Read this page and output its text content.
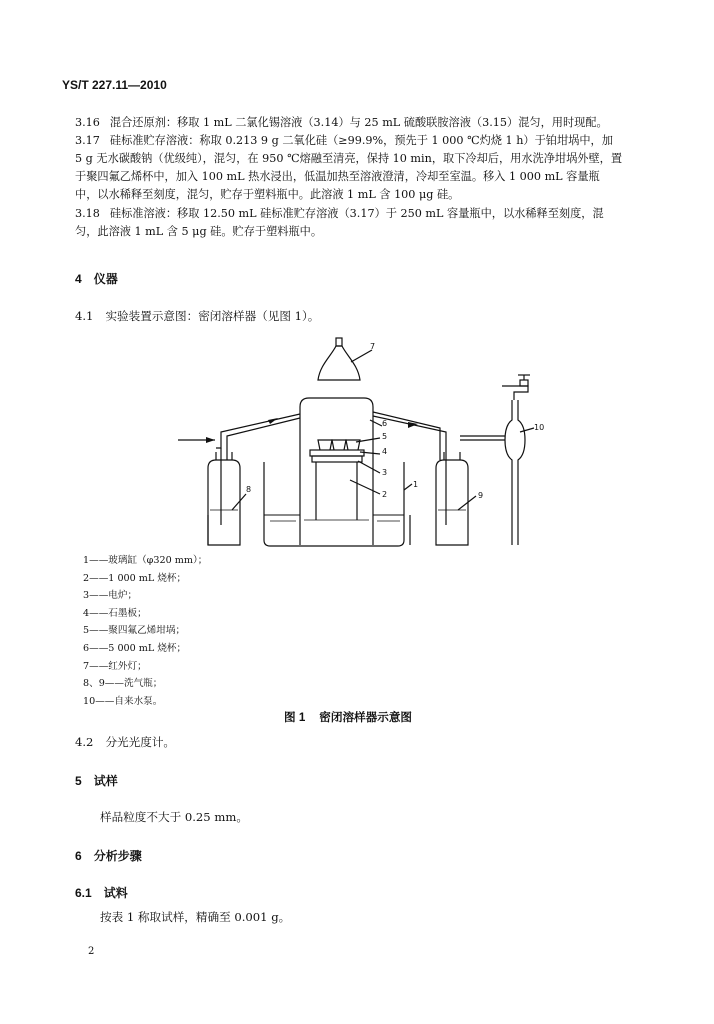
YS/T 227.11—2010
3.16 混合还原剂：移取 1 mL 二氯化锡溶液（3.14）与 25 mL 硫酸联胺溶液（3.15）混匀，用时现配。
3.17 硅标准贮存溶液：称取 0.213 9 g 二氧化硅（≥99.9%，预先于 1 000 ℃灼烧 1 h）于铂坩埚中，加
5 g 无水碳酸钠（优级纯），混匀，在 950 ℃熔融至清亮，保持 10 min，取下冷却后，用水洗净坩埚外壁，置
于聚四氟乙烯杯中，加入 100 mL 热水浸出，低温加热至溶液澄清，冷却至室温。移入 1 000 mL 容量瓶
中，以水稀释至刻度，混匀，贮存于塑料瓶中。此溶液 1 mL 含 100 μg 硅。
3.18 硅标准溶液：移取 12.50 mL 硅标准贮存溶液（3.17）于 250 mL 容量瓶中，以水稀释至刻度，混
匀，此溶液 1 mL 含 5 μg 硅。贮存于塑料瓶中。
4 仪器
4.1 实验装置示意图：密闭溶样器（见图 1）。
7
6
5
4
3
2
1
8
9
10
1——玻璃缸（φ320 mm）；
2——1 000 mL 烧杯；
3——电炉；
4——石墨板；
5——聚四氟乙烯坩埚；
6——5 000 mL 烧杯；
7——红外灯；
8、9——洗气瓶；
10——自来水泵。
图 1 密闭溶样器示意图
4.2 分光光度计。
5 试样
样品粒度不大于 0.25 mm。
6 分析步骤
6.1 试料
按表 1 称取试样，精确至 0.001 g。
2
